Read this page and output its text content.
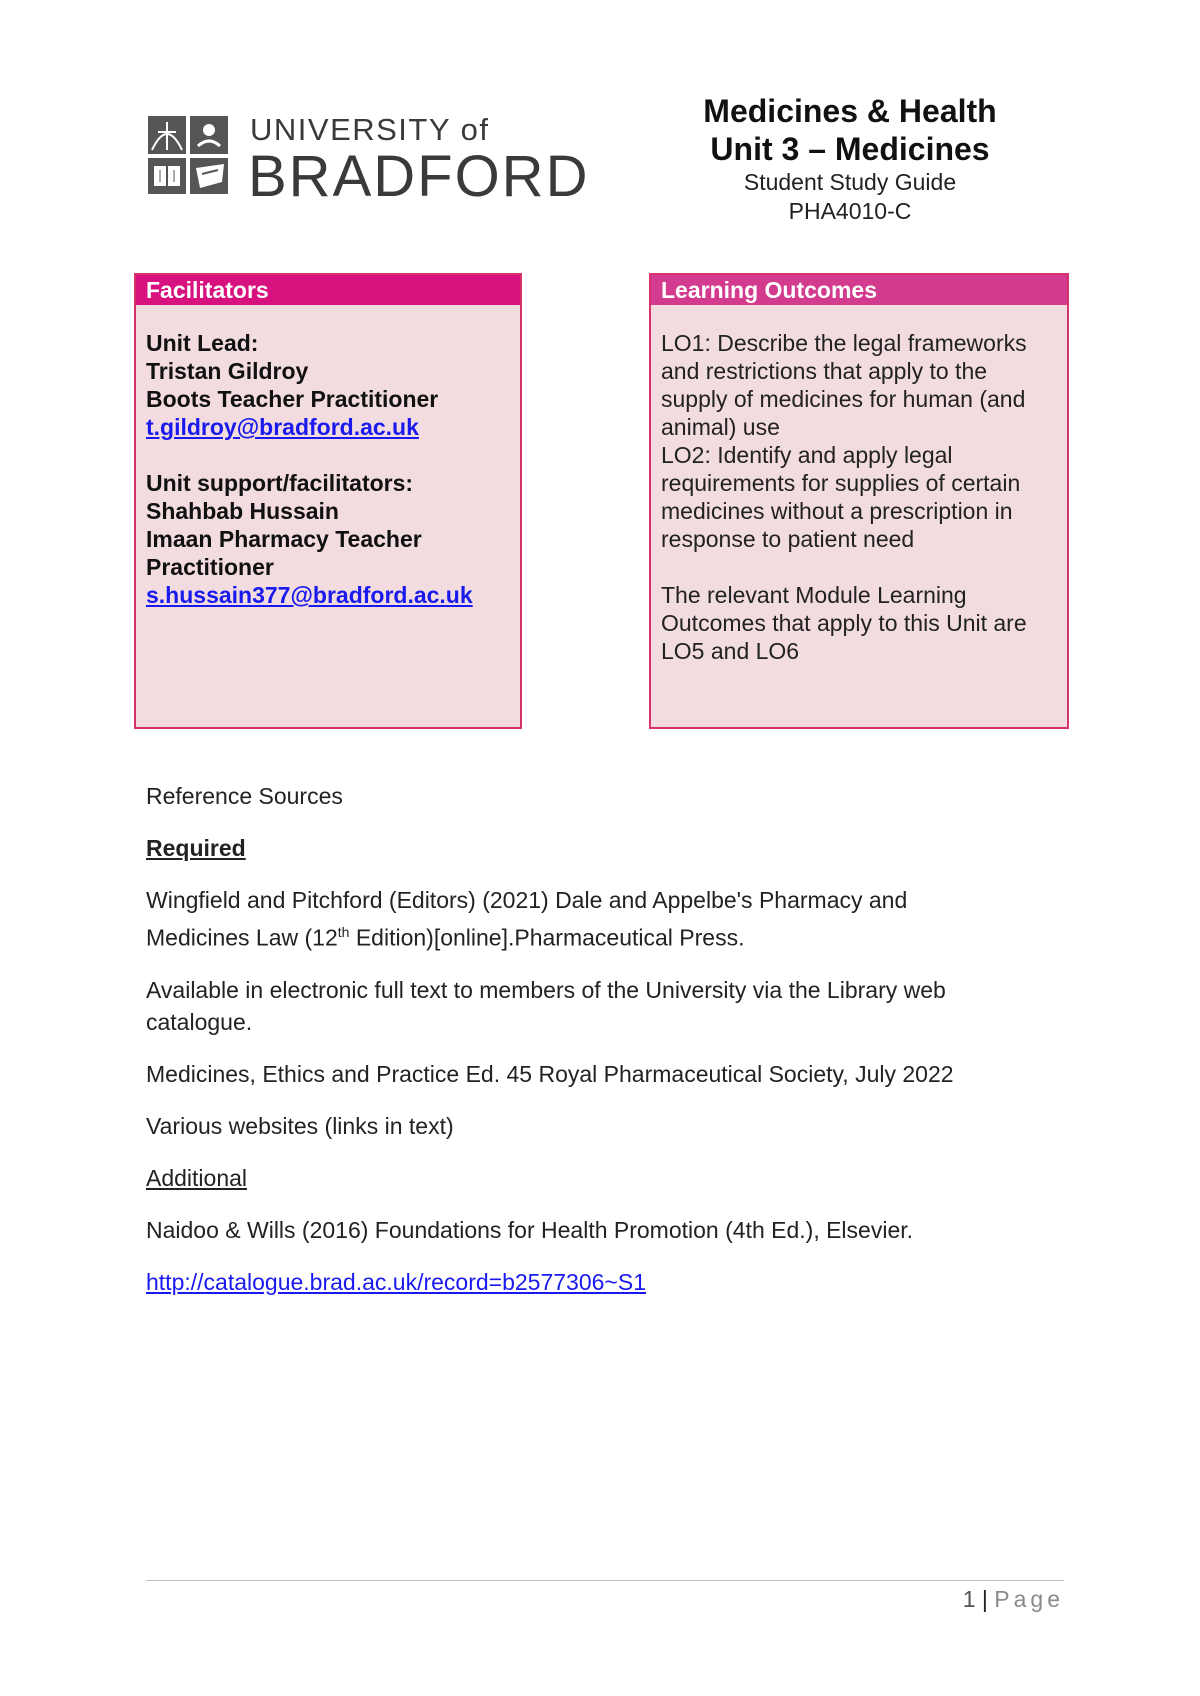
UNIVERSITY of
BRADFORD
Medicines & Health
Unit 3 – Medicines
Student Study Guide
PHA4010-C
Facilitators
Unit Lead:
Tristan Gildroy
Boots Teacher Practitioner
t.gildroy@bradford.ac.uk
Unit support/facilitators:
Shahbab Hussain
Imaan Pharmacy Teacher
Practitioner
s.hussain377@bradford.ac.uk
Learning Outcomes
LO1: Describe the legal frameworks
and restrictions that apply to the
supply of medicines for human (and
animal) use
LO2: Identify and apply legal
requirements for supplies of certain
medicines without a prescription in
response to patient need
The relevant Module Learning
Outcomes that apply to this Unit are
LO5 and LO6

Reference Sources

Required

Wingfield and Pitchford (Editors) (2021) Dale and Appelbe's Pharmacy and
Medicines Law (12th Edition)[online].Pharmaceutical Press.

Available in electronic full text to members of the University via the Library web
catalogue.

Medicines, Ethics and Practice Ed. 45 Royal Pharmaceutical Society, July 2022

Various websites (links in text)

Additional

Naidoo & Wills (2016) Foundations for Health Promotion (4th Ed.), Elsevier.

http://catalogue.brad.ac.uk/record=b2577306~S1

1 | Page
